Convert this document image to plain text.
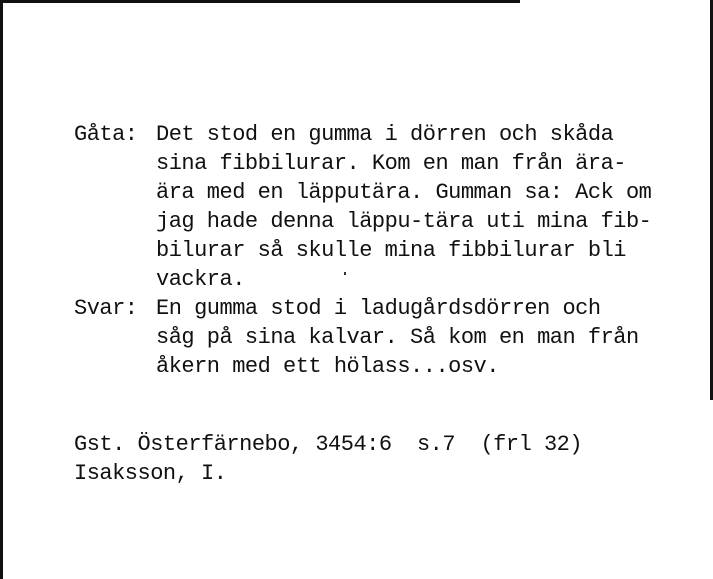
Gåta: Det stod en gumma i dörren och skåda
sina fibbilurar. Kom en man från ära-
ära med en läpputära. Gumman sa: Ack om
jag hade denna läppu-tära uti mina fib-
bilurar så skulle mina fibbilurar bli
vackra.
Svar: En gumma stod i ladugårdsdörren och
såg på sina kalvar. Så kom en man från
åkern med ett hölass...osv.
Gst. Österfärnebo, 3454:6  s.7  (frl 32)
Isaksson, I.
